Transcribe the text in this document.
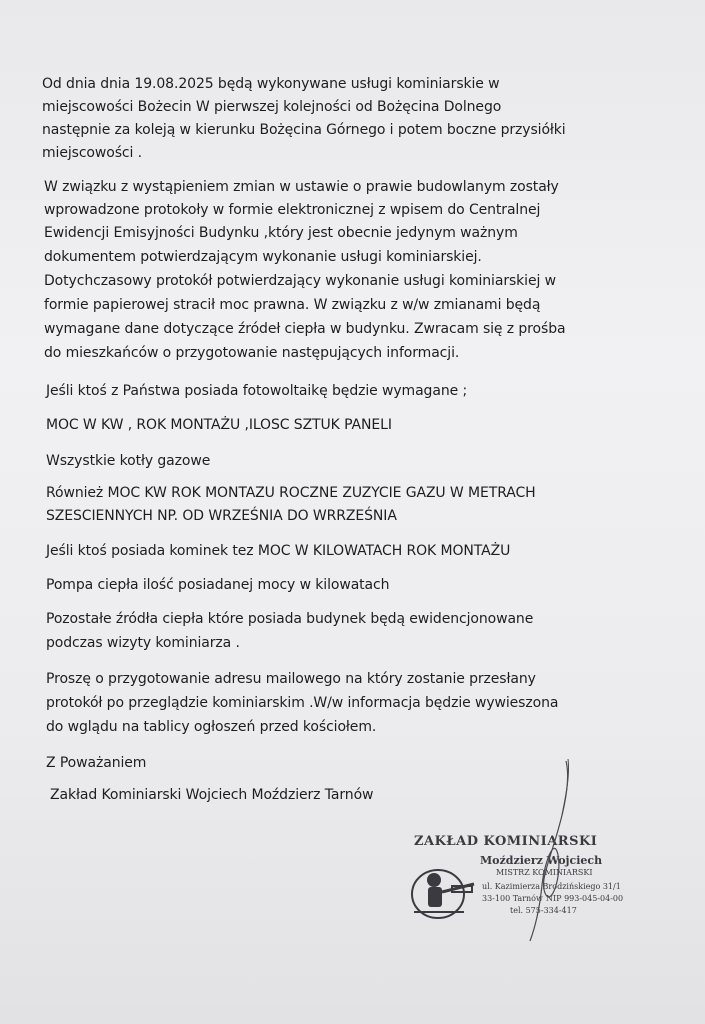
Od dnia dnia 19.08.2025 będą wykonywane usługi kominiarskie w
miejscowości Bożecin W pierwszej kolejności od Bożęcina Dolnego
następnie za koleją w kierunku Bożęcina Górnego i potem boczne przysiółki
miejscowości .
W związku z wystąpieniem zmian w ustawie o prawie budowlanym zostały
wprowadzone protokoły w formie elektronicznej z wpisem do Centralnej
Ewidencji Emisyjności Budynku ,który jest obecnie jedynym ważnym
dokumentem potwierdzającym wykonanie usługi kominiarskiej.
Dotychczasowy protokół potwierdzający wykonanie usługi kominiarskiej w
formie papierowej stracił moc prawna. W związku z w/w zmianami będą
wymagane dane dotyczące źródeł ciepła w budynku. Zwracam się z prośba
do mieszkańców o przygotowanie następujących informacji.
Jeśli ktoś z Państwa posiada fotowoltaikę będzie wymagane ;
MOC W KW , ROK MONTAŻU ,ILOSC SZTUK PANELI
Wszystkie kotły gazowe
Również MOC KW ROK MONTAZU ROCZNE ZUZYCIE GAZU W METRACH
SZESCIENNYCH NP. OD WRZEŚNIA DO WRRZEŚNIA
Jeśli ktoś posiada kominek tez MOC W KILOWATACH ROK MONTAŻU
Pompa ciepła ilość posiadanej mocy w kilowatach
Pozostałe źródła ciepła które posiada budynek będą ewidencjonowane
podczas wizyty kominiarza .
Proszę o przygotowanie adresu mailowego na który zostanie przesłany
protokół po przeglądzie kominiarskim .W/w informacja będzie wywieszona
do wglądu na tablicy ogłoszeń przed kościołem.
Z Poważaniem
Zakład Kominiarski Wojciech Moździerz Tarnów
ZAKŁAD KOMINIARSKI
Moździerz Wojciech
MISTRZ KOMINIARSKI
ul. Kazimierza Brodzińskiego 31/1
33-100 Tarnów NIP 993-045-04-00
tel. 575-334-417
